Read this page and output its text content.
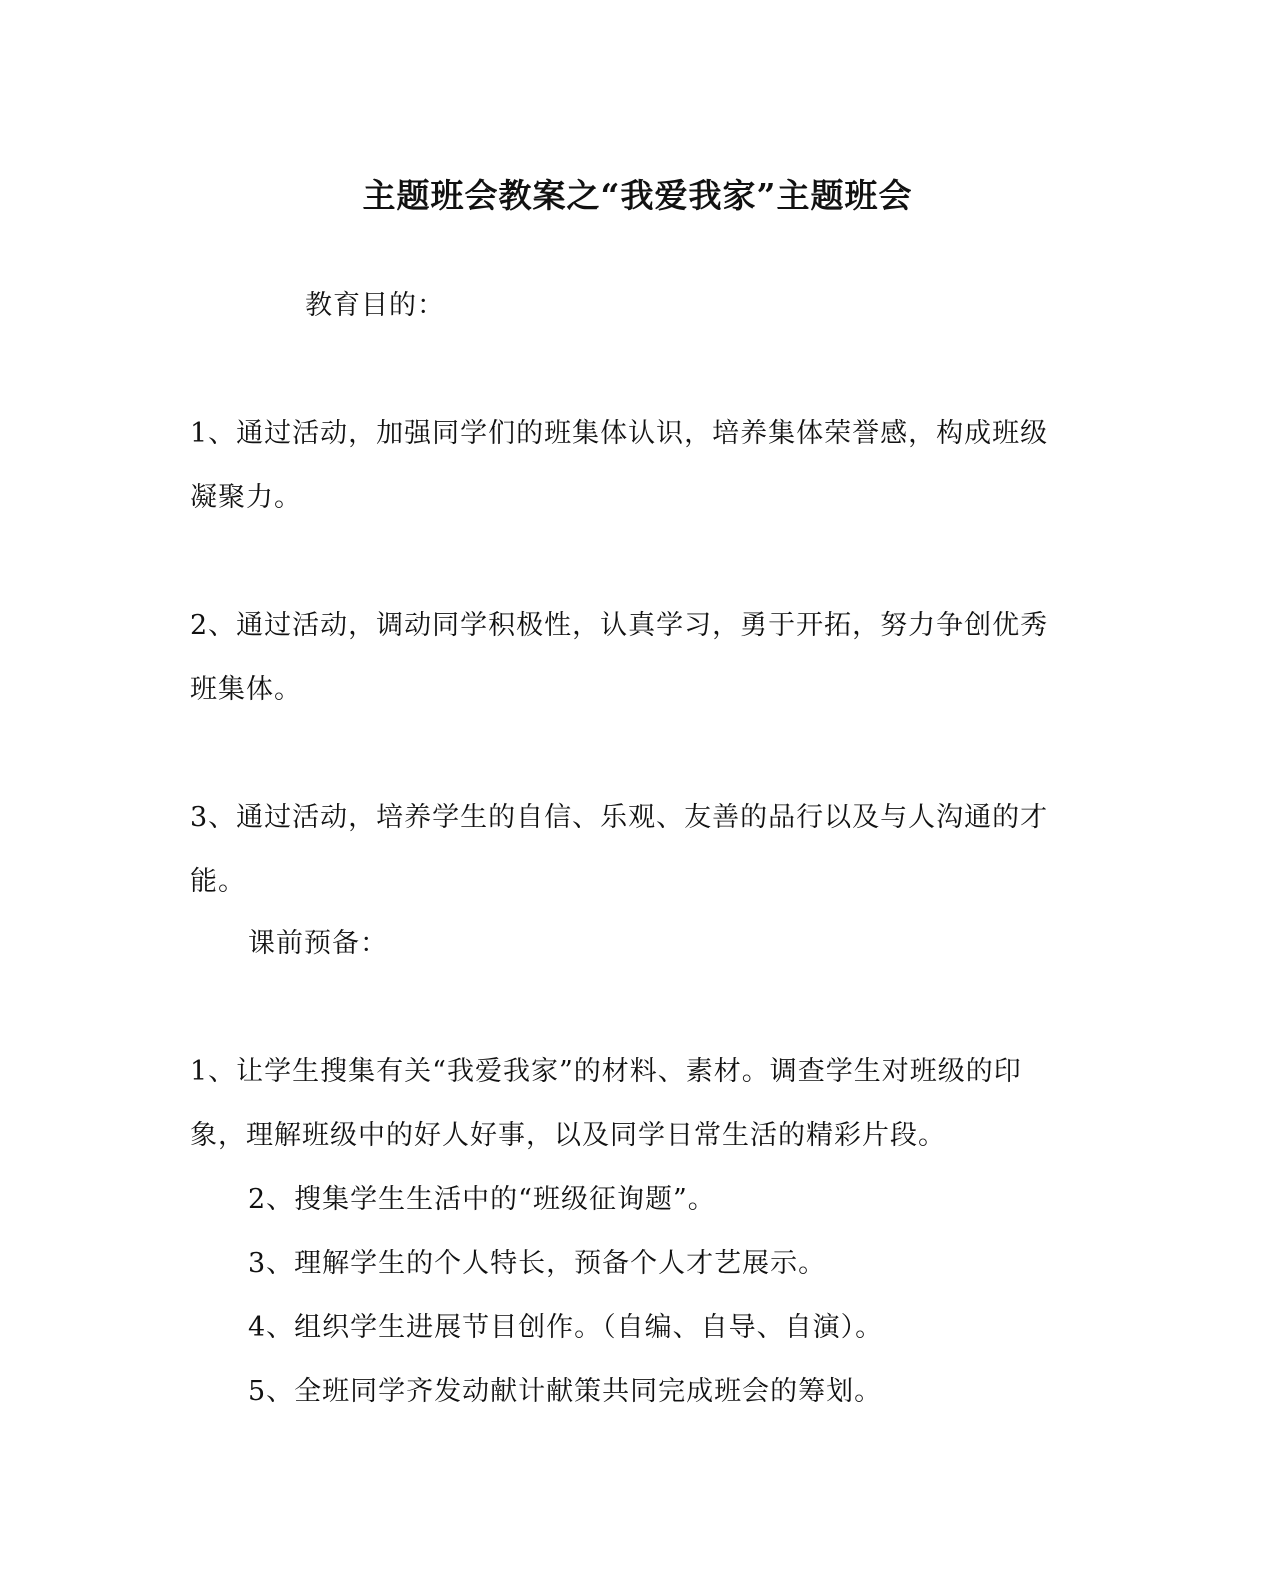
主题班会教案之“我爱我家”主题班会
教育目的：
1、通过活动，加强同学们的班集体认识，培养集体荣誉感，构成班级凝聚力。
2、通过活动，调动同学积极性，认真学习，勇于开拓，努力争创优秀班集体。
3、通过活动，培养学生的自信、乐观、友善的品行以及与人沟通的才能。
课前预备：
1、让学生搜集有关“我爱我家”的材料、素材。调查学生对班级的印象，理解班级中的好人好事，以及同学日常生活的精彩片段。
2、搜集学生生活中的“班级征询题”。
3、理解学生的个人特长，预备个人才艺展示。
4、组织学生进展节目创作。（自编、自导、自演）。
5、全班同学齐发动献计献策共同完成班会的筹划。
